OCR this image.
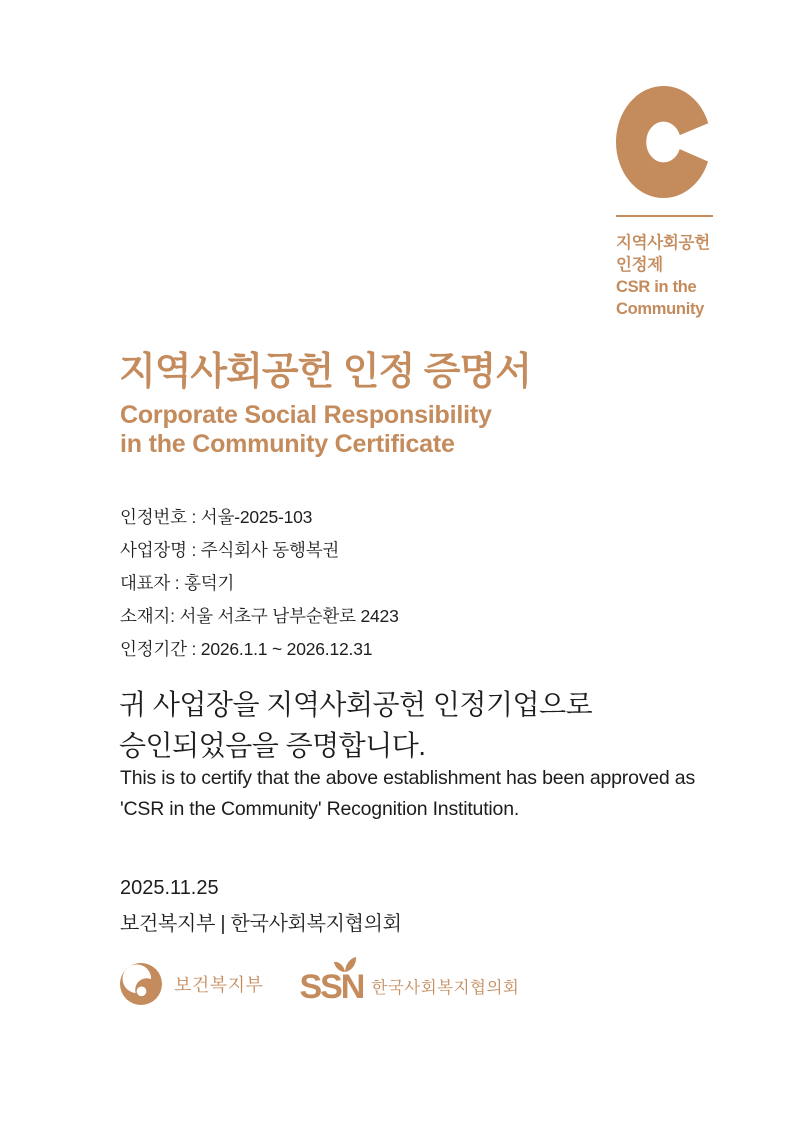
지역사회공헌
인정제
CSR in the
Community
지역사회공헌 인정 증명서
Corporate Social Responsibility
in the Community Certificate
인정번호 : 서울-2025-103
사업장명 : 주식회사 동행복권
대표자 : 홍덕기
소재지: 서울 서초구 남부순환로 2423
인정기간 : 2026.1.1 ~ 2026.12.31
귀 사업장을 지역사회공헌 인정기업으로
승인되었음을 증명합니다.
This is to certify that the above establishment has been approved as
'CSR in the Community' Recognition Institution.
2025.11.25
보건복지부 | 한국사회복지협의회
보건복지부 SSN 한국사회복지협의회
